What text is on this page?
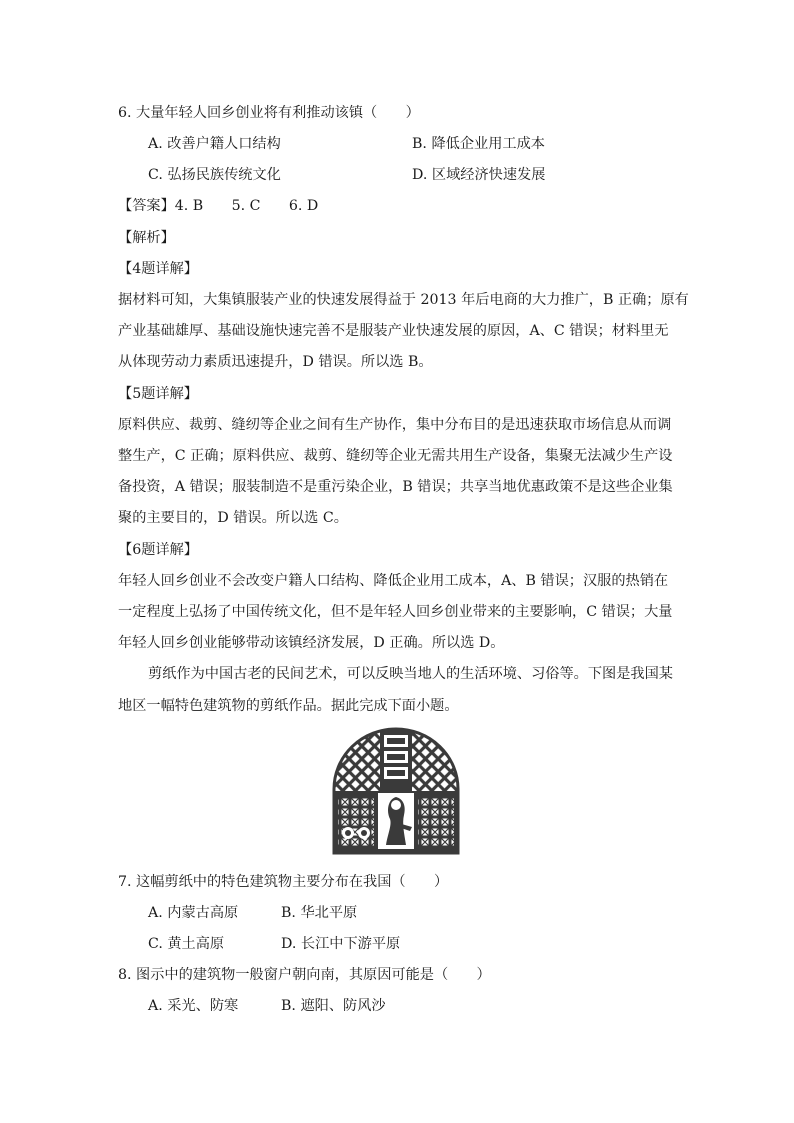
6. 大量年轻人回乡创业将有利推动该镇（　　）
A. 改善户籍人口结构	B. 降低企业用工成本
C. 弘扬民族传统文化	D. 区域经济快速发展
【答案】4. B　　5. C　　6. D
【解析】
【4题详解】
据材料可知，大集镇服装产业的快速发展得益于 2013 年后电商的大力推广，B 正确；原有
产业基础雄厚、基础设施快速完善不是服装产业快速发展的原因，A、C 错误；材料里无
从体现劳动力素质迅速提升，D 错误。所以选 B。
【5题详解】
原料供应、裁剪、缝纫等企业之间有生产协作，集中分布目的是迅速获取市场信息从而调
整生产，C 正确；原料供应、裁剪、缝纫等企业无需共用生产设备，集聚无法减少生产设
备投资，A 错误；服装制造不是重污染企业，B 错误；共享当地优惠政策不是这些企业集
聚的主要目的，D 错误。所以选 C。
【6题详解】
年轻人回乡创业不会改变户籍人口结构、降低企业用工成本，A、B 错误；汉服的热销在
一定程度上弘扬了中国传统文化，但不是年轻人回乡创业带来的主要影响，C 错误；大量
年轻人回乡创业能够带动该镇经济发展，D 正确。所以选 D。
剪纸作为中国古老的民间艺术，可以反映当地人的生活环境、习俗等。下图是我国某
地区一幅特色建筑物的剪纸作品。据此完成下面小题。
7. 这幅剪纸中的特色建筑物主要分布在我国（　　）
A. 内蒙古高原	B. 华北平原
C. 黄土高原	D. 长江中下游平原
8. 图示中的建筑物一般窗户朝向南，其原因可能是（　　）
A. 采光、防寒	B. 遮阳、防风沙
